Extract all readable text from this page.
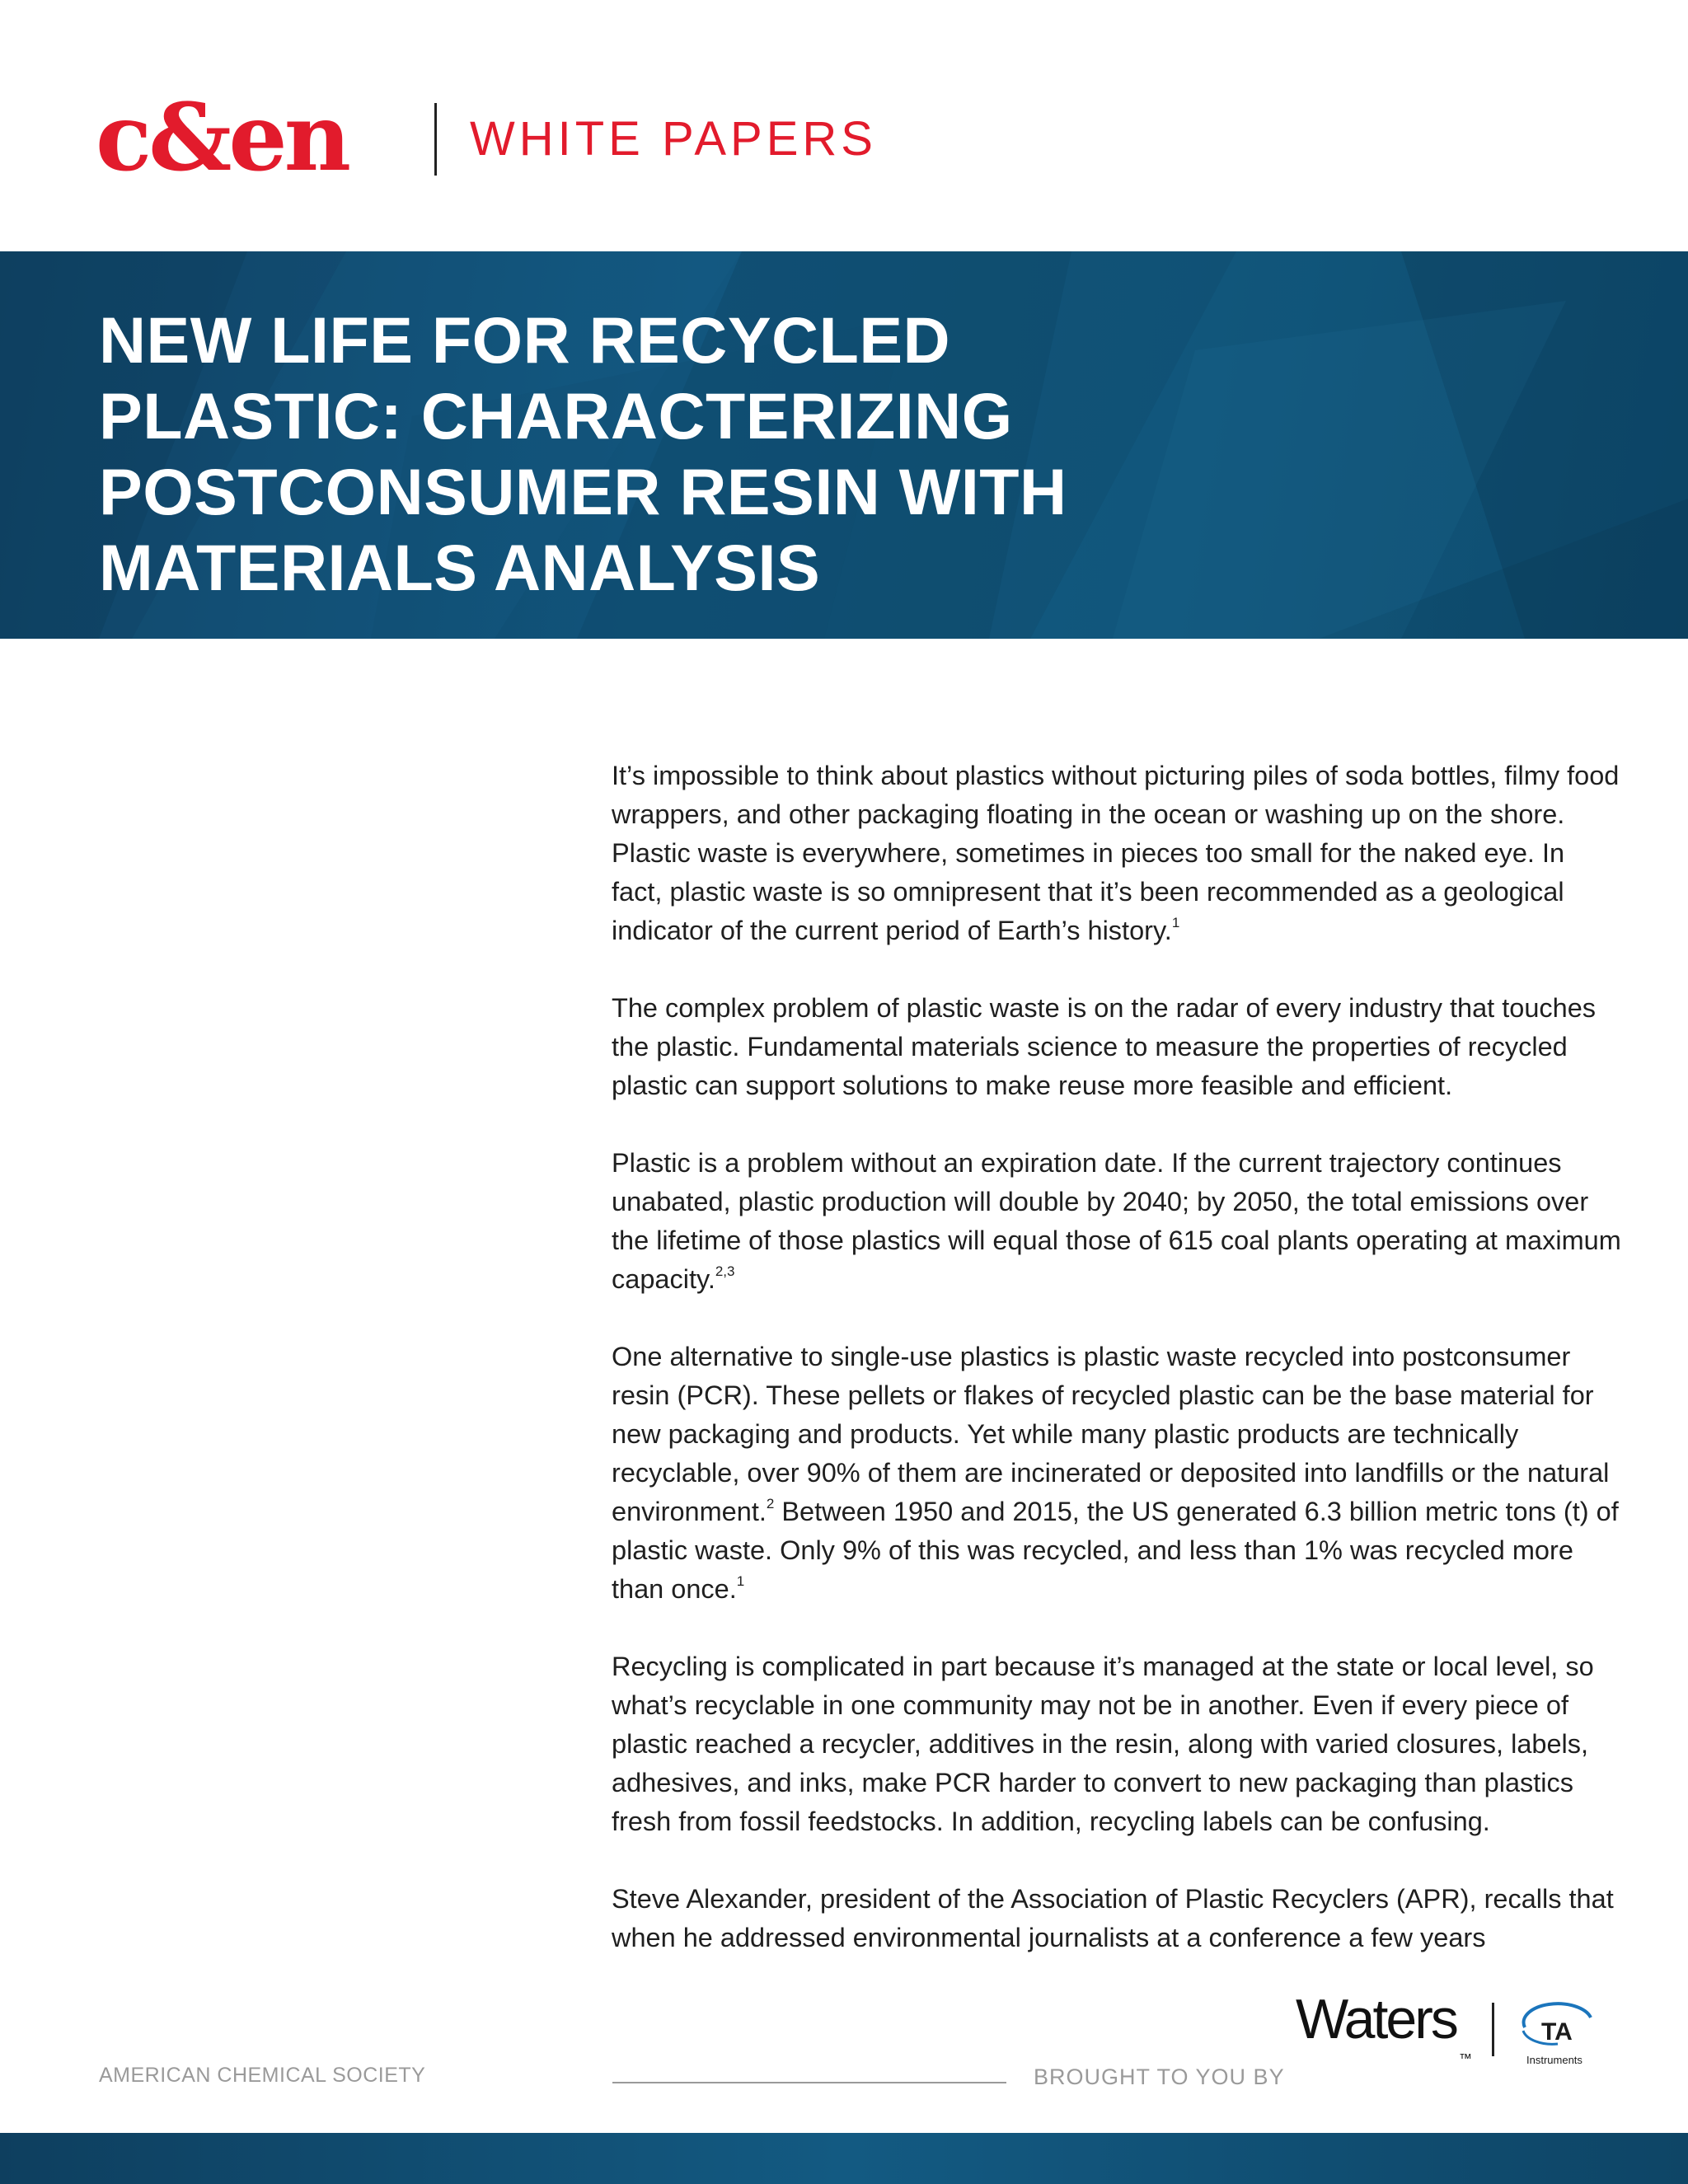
c&en	WHITE PAPERS
NEW LIFE FOR RECYCLED PLASTIC: CHARACTERIZING POSTCONSUMER RESIN WITH MATERIALS ANALYSIS

It’s impossible to think about plastics without picturing piles of soda bottles, filmy food wrappers, and other packaging floating in the ocean or washing up on the shore. Plastic waste is everywhere, sometimes in pieces too small for the naked eye. In fact, plastic waste is so omnipresent that it’s been recommended as a geological indicator of the current period of Earth’s history.$^1$

The complex problem of plastic waste is on the radar of every industry that touches the plastic. Fundamental materials science to measure the properties of recycled plastic can support solutions to make reuse more feasible and efficient.

Plastic is a problem without an expiration date. If the current trajectory continues unabated, plastic production will double by 2040; by 2050, the total emissions over the lifetime of those plastics will equal those of 615 coal plants operating at maximum capacity.$^{2,3}$

One alternative to single-use plastics is plastic waste recycled into postconsumer resin (PCR). These pellets or flakes of recycled plastic can be the base material for new packaging and products. Yet while many plastic products are technically recyclable, over 90% of them are incinerated or deposited into landfills or the natural environment.$^2$ Between 1950 and 2015, the US generated 6.3 billion metric tons (t) of plastic waste. Only 9% of this was recycled, and less than 1% was recycled more than once.$^1$

Recycling is complicated in part because it’s managed at the state or local level, so what’s recyclable in one community may not be in another. Even if every piece of plastic reached a recycler, additives in the resin, along with varied closures, labels, adhesives, and inks, make PCR harder to convert to new packaging than plastics fresh from fossil feedstocks. In addition, recycling labels can be confusing.

Steve Alexander, president of the Association of Plastic Recyclers (APR), recalls that when he addressed environmental journalists at a conference a few years

AMERICAN CHEMICAL SOCIETY	BROUGHT TO YOU BY
Waters
™
TA
Instruments
